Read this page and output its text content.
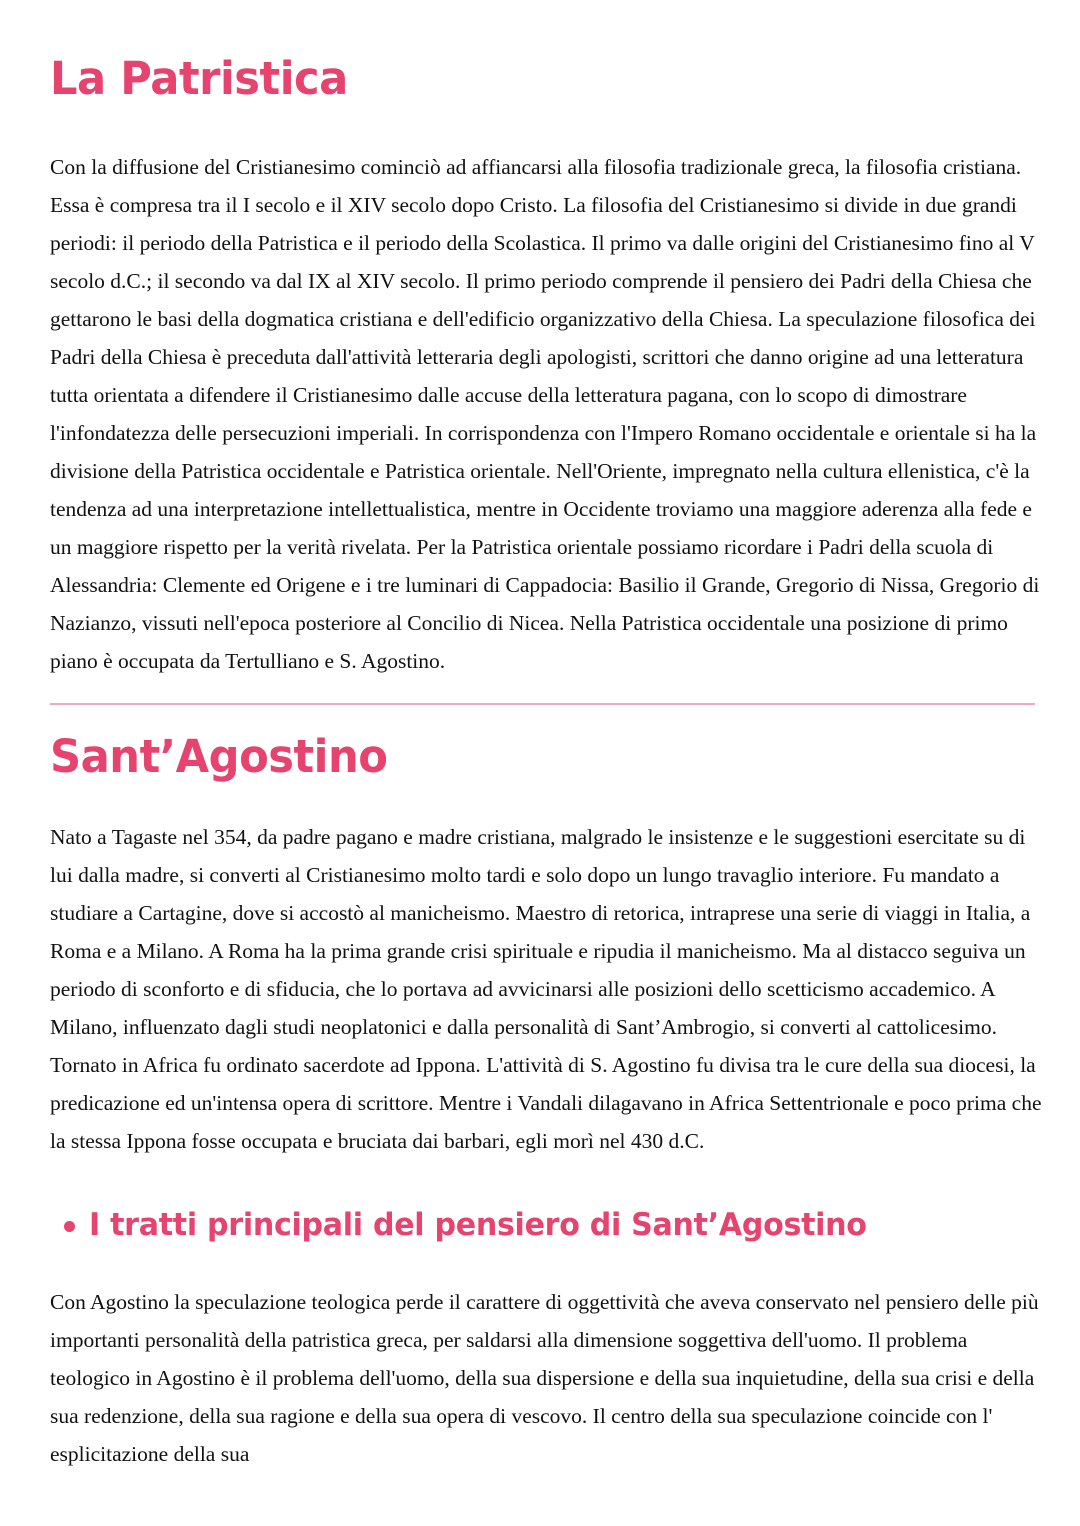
La Patristica

Con la diffusione del Cristianesimo cominciò ad affiancarsi alla filosofia tradizionale greca, la filosofia cristiana. Essa è compresa tra il I secolo e il XIV secolo dopo Cristo. La filosofia del Cristianesimo si divide in due grandi periodi: il periodo della Patristica e il periodo della Scolastica. Il primo va dalle origini del Cristianesimo fino al V secolo d.C.; il secondo va dal IX al XIV secolo. Il primo periodo comprende il pensiero dei Padri della Chiesa che gettarono le basi della dogmatica cristiana e dell'edificio organizzativo della Chiesa. La speculazione filosofica dei Padri della Chiesa è preceduta dall'attività letteraria degli apologisti, scrittori che danno origine ad una letteratura tutta orientata a difendere il Cristianesimo dalle accuse della letteratura pagana, con lo scopo di dimostrare l'infondatezza delle persecuzioni imperiali. In corrispondenza con l'Impero Romano occidentale e orientale si ha la divisione della Patristica occidentale e Patristica orientale. Nell'Oriente, impregnato nella cultura ellenistica, c'è la tendenza ad una interpretazione intellettualistica, mentre in Occidente troviamo una maggiore aderenza alla fede e un maggiore rispetto per la verità rivelata. Per la Patristica orientale possiamo ricordare i Padri della scuola di Alessandria: Clemente ed Origene e i tre luminari di Cappadocia: Basilio il Grande, Gregorio di Nissa, Gregorio di Nazianzo, vissuti nell'epoca posteriore al Concilio di Nicea. Nella Patristica occidentale una posizione di primo piano è occupata da Tertulliano e S. Agostino.

Sant’Agostino

Nato a Tagaste nel 354, da padre pagano e madre cristiana, malgrado le insistenze e le suggestioni esercitate su di lui dalla madre, si converti al Cristianesimo molto tardi e solo dopo un lungo travaglio interiore. Fu mandato a studiare a Cartagine, dove si accostò al manicheismo. Maestro di retorica, intraprese una serie di viaggi in Italia, a Roma e a Milano. A Roma ha la prima grande crisi spirituale e ripudia il manicheismo. Ma al distacco seguiva un periodo di sconforto e di sfiducia, che lo portava ad avvicinarsi alle posizioni dello scetticismo accademico. A Milano, influenzato dagli studi neoplatonici e dalla personalità di Sant’Ambrogio, si converti al cattolicesimo. Tornato in Africa fu ordinato sacerdote ad Ippona. L'attività di S. Agostino fu divisa tra le cure della sua diocesi, la predicazione ed un'intensa opera di scrittore. Mentre i Vandali dilagavano in Africa Settentrionale e poco prima che la stessa Ippona fosse occupata e bruciata dai barbari, egli morì nel 430 d.C.

I tratti principali del pensiero di Sant’Agostino

Con Agostino la speculazione teologica perde il carattere di oggettività che aveva conservato nel pensiero delle più importanti personalità della patristica greca, per saldarsi alla dimensione soggettiva dell'uomo. Il problema teologico in Agostino è il problema dell'uomo, della sua dispersione e della sua inquietudine, della sua crisi e della sua redenzione, della sua ragione e della sua opera di vescovo. Il centro della sua speculazione coincide con l' esplicitazione della sua
